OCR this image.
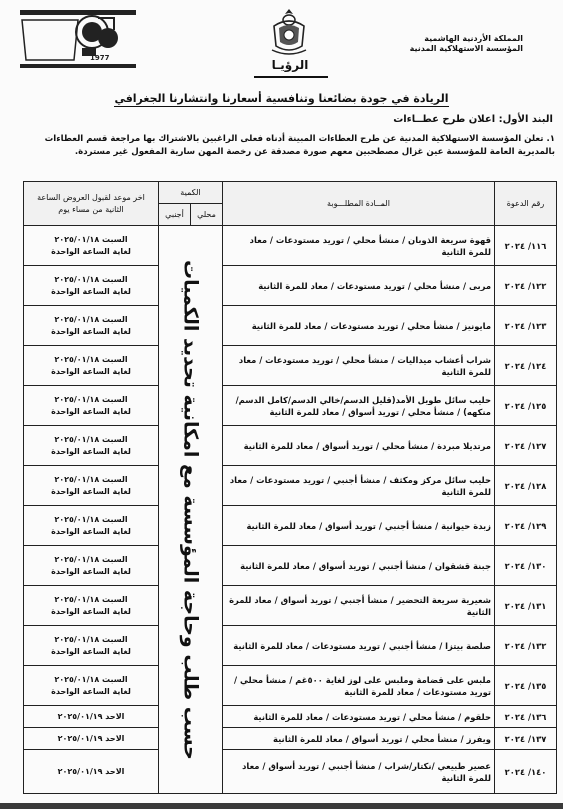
المملكة الأردنية الهاشمية
المؤسسة الاستهلاكية المدنية
الرؤيـا
1977
الريادة في جودة بضائعنا وتنافسية أسعارنا وانتشارنا الجغرافي
البند الأول: اعلان طرح عطــاءات
١. تعلن المؤسسة الاستهلاكية المدنية عن طرح العطاءات المبينة أدناه فعلى الراغبين بالاشتراك بها مراجعة قسم العطاءات بالمديرية العامة للمؤسسة عين غزال مصطحبين معهم صورة مصدقة عن رخصة المهن سارية المفعول غير مستردة.
رقم الدعوة	المــادة المطلـــوبة	الكمية		اخر موعد لقبول العروض الساعة الثانية من مساء يوم
		محلي	أجنبي	
١١٦/ ٢٠٢٤	قهوة سريعة الذوبان / منشأ محلي / توريد مستودعات / معاد للمرة الثانية	حسب طلب وحاجة المؤسسة مع امكانية تحديد الكميات		السبت ٢٠٢٥/٠١/١٨
لغاية الساعة الواحدة

١٢٢/ ٢٠٢٤	مربى / منشأ محلي / توريد مستودعات / معاد للمرة الثانية			السبت ٢٠٢٥/٠١/١٨
لغاية الساعة الواحدة

١٢٣/ ٢٠٢٤	مايونيز / منشأ محلي / توريد مستودعات / معاد للمرة الثانية			السبت ٢٠٢٥/٠١/١٨
لغاية الساعة الواحدة

١٢٤/ ٢٠٢٤	شراب أعشاب ميداليات / منشأ محلي / توريد مستودعات / معاد للمرة الثانية			السبت ٢٠٢٥/٠١/١٨
لغاية الساعة الواحدة

١٢٥/ ٢٠٢٤	حليب سائل طويل الأمد(قليل الدسم/خالي الدسم/كامل الدسم/منكهه) / منشأ محلي / توريد أسواق / معاد للمرة الثانية			السبت ٢٠٢٥/٠١/١٨
لغاية الساعة الواحدة

١٢٧/ ٢٠٢٤	مرتديلا مبردة / منشأ محلي / توريد أسواق / معاد للمرة الثانية			السبت ٢٠٢٥/٠١/١٨
لغاية الساعة الواحدة

١٢٨/ ٢٠٢٤	حليب سائل مركز ومكثف / منشأ أجنبي / توريد مستودعات / معاد للمرة الثانية			السبت ٢٠٢٥/٠١/١٨
لغاية الساعة الواحدة

١٢٩/ ٢٠٢٤	زبدة حيوانية / منشأ أجنبي / توريد أسواق / معاد للمرة الثانية			السبت ٢٠٢٥/٠١/١٨
لغاية الساعة الواحدة

١٣٠/ ٢٠٢٤	جبنة قشقوان / منشأ أجنبي / توريد أسواق / معاد للمرة الثانية			السبت ٢٠٢٥/٠١/١٨
لغاية الساعة الواحدة

١٣١/ ٢٠٢٤	شعيرية سريعة التحضير / منشأ أجنبي / توريد أسواق / معاد للمرة الثانية			السبت ٢٠٢٥/٠١/١٨
لغاية الساعة الواحدة

١٣٢/ ٢٠٢٤	صلصة بيتزا / منشأ أجنبي / توريد مستودعات / معاد للمرة الثانية			السبت ٢٠٢٥/٠١/١٨
لغاية الساعة الواحدة

١٣٥/ ٢٠٢٤	ملبس على قضامة وملبس على لوز لغاية ٥٠٠غم / منشأ محلي / توريد مستودعات / معاد للمرة الثانية			السبت ٢٠٢٥/٠١/١٨
لغاية الساعة الواحدة

١٣٦/ ٢٠٢٤	حلقوم / منشأ محلي / توريد مستودعات / معاد للمرة الثانية			الاحد ٢٠٢٥/٠١/١٩

١٣٧/ ٢٠٢٤	ويفرز / منشأ محلي / توريد أسواق / معاد للمرة الثانية			الاحد ٢٠٢٥/٠١/١٩

١٤٠/ ٢٠٢٤	عصير طبيعي /نكتار/شراب / منشأ أجنبي / توريد أسواق / معاد للمرة الثانية			الاحد ٢٠٢٥/٠١/١٩
